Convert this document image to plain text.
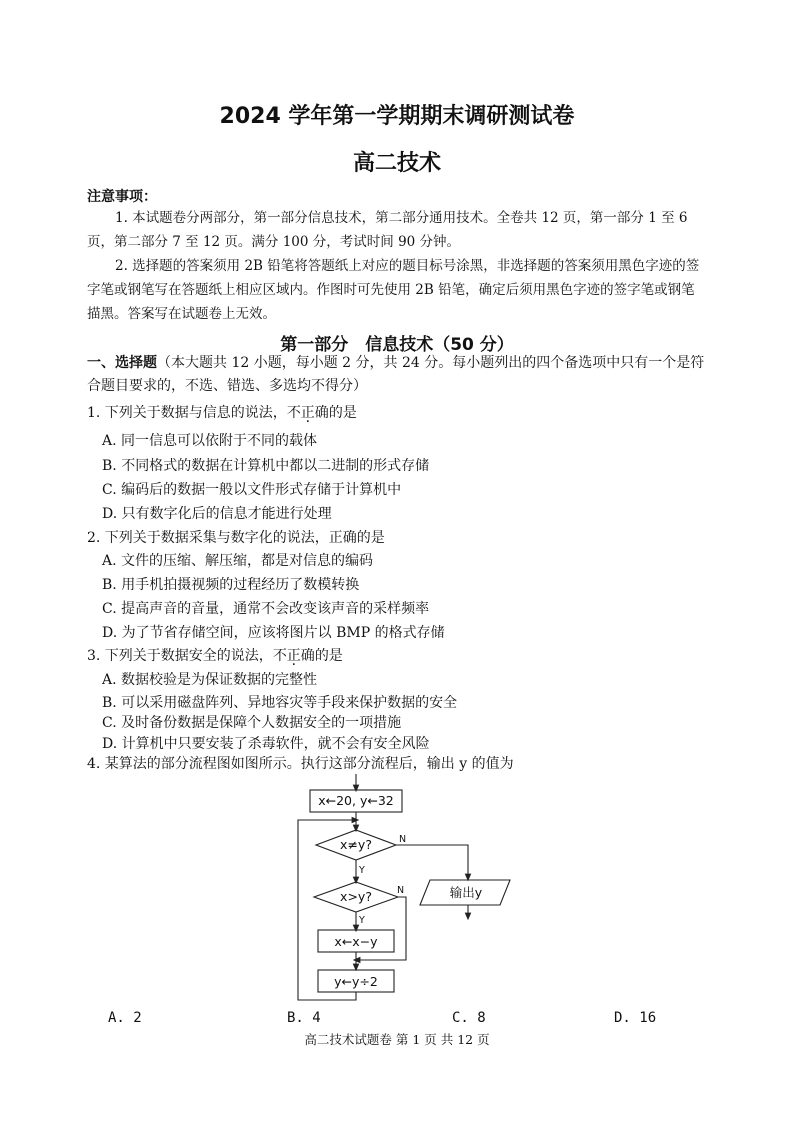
2024 学年第一学期期末调研测试卷
高二技术
注意事项：
1. 本试题卷分两部分，第一部分信息技术，第二部分通用技术。全卷共 12 页，第一部分 1 至 6 页，第二部分 7 至 12 页。满分 100 分，考试时间 90 分钟。
2. 选择题的答案须用 2B 铅笔将答题纸上对应的题目标号涂黑，非选择题的答案须用黑色字迹的签字笔或钢笔写在答题纸上相应区域内。作图时可先使用 2B 铅笔，确定后须用黑色字迹的签字笔或钢笔描黑。答案写在试题卷上无效。
第一部分　信息技术（50 分）
一、选择题（本大题共 12 小题，每小题 2 分，共 24 分。每小题列出的四个备选项中只有一个是符合题目要求的，不选、错选、多选均不得分）
1. 下列关于数据与信息的说法，不正确的是
A. 同一信息可以依附于不同的载体
B. 不同格式的数据在计算机中都以二进制的形式存储
C. 编码后的数据一般以文件形式存储于计算机中
D. 只有数字化后的信息才能进行处理
2. 下列关于数据采集与数字化的说法，正确的是
A. 文件的压缩、解压缩，都是对信息的编码
B. 用手机拍摄视频的过程经历了数模转换
C. 提高声音的音量，通常不会改变该声音的采样频率
D. 为了节省存储空间，应该将图片以 BMP 的格式存储
3. 下列关于数据安全的说法，不正确的是
A. 数据校验是为保证数据的完整性
B. 可以采用磁盘阵列、异地容灾等手段来保护数据的安全
C. 及时备份数据是保障个人数据安全的一项措施
D. 计算机中只要安装了杀毒软件，就不会有安全风险
4. 某算法的部分流程图如图所示。执行这部分流程后，输出 y 的值为
x←20, y←32
x≠y?
x>y?
x←x−y
y←y÷2
输出y
N
Y
N
Y
A. 2	B. 4	C. 8	D. 16
高二技术试题卷 第 1 页 共 12 页
